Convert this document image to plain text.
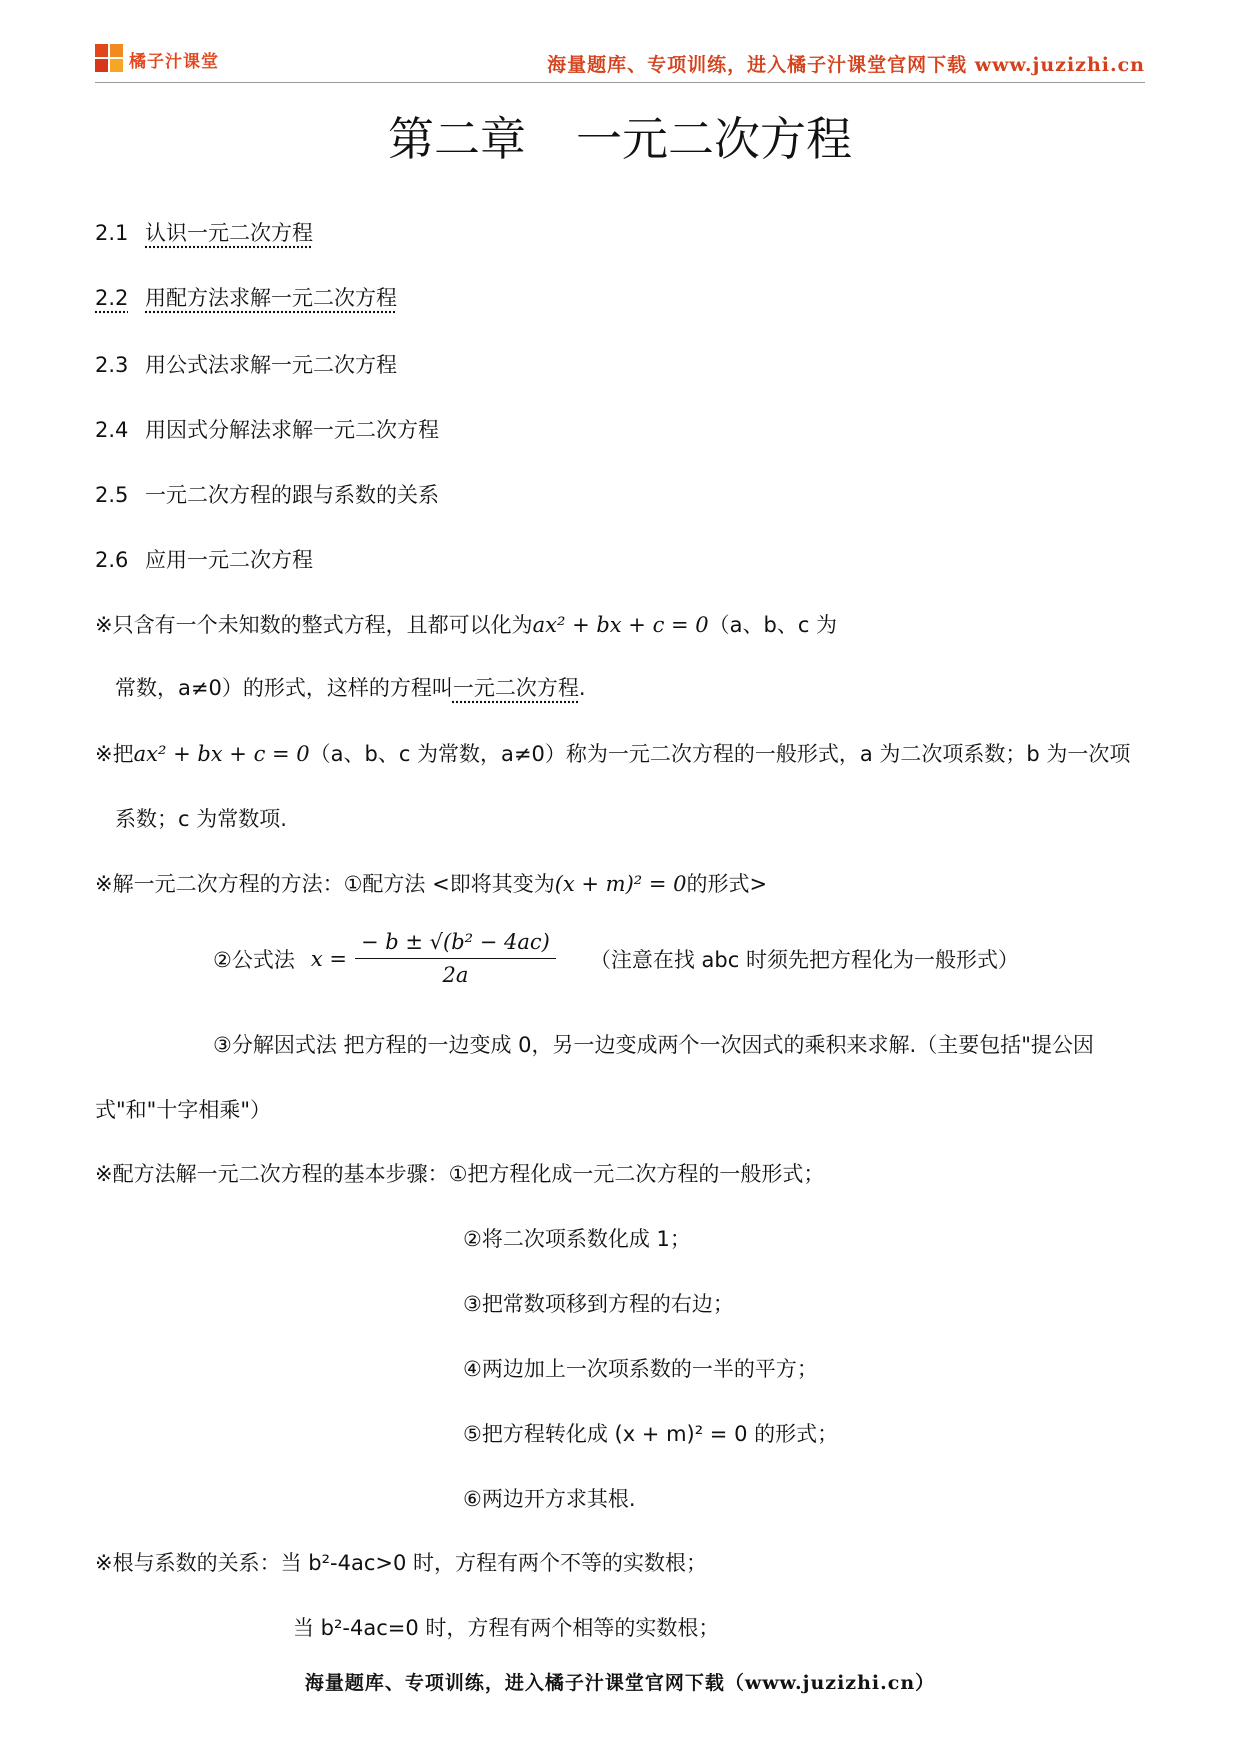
橘子汁课堂	海量题库、专项训练，进入橘子汁课堂官网下载 www.juzizhi.cn
第二章 一元二次方程
2.1 认识一元二次方程
2.2 用配方法求解一元二次方程
2.3 用公式法求解一元二次方程
2.4 用因式分解法求解一元二次方程
2.5 一元二次方程的跟与系数的关系
2.6 应用一元二次方程
※只含有一个未知数的整式方程，且都可以化为ax² + bx + c = 0（a、b、c 为
常数，a≠0）的形式，这样的方程叫一元二次方程.
※把ax² + bx + c = 0（a、b、c 为常数，a≠0）称为一元二次方程的一般形式，a 为二次项系数；b 为一次项
系数；c 为常数项.
※解一元二次方程的方法：①配方法 <即将其变为(x + m)² = 0的形式>
②公式法 $x = \frac{\text{− b ± √(b² − 4ac)}}{2a}$ （注意在找 abc 时须先把方程化为一般形式）
③分解因式法 把方程的一边变成 0，另一边变成两个一次因式的乘积来求解.（主要包括"提公因
式"和"十字相乘"）
※配方法解一元二次方程的基本步骤：①把方程化成一元二次方程的一般形式；
②将二次项系数化成 1；
③把常数项移到方程的右边；
④两边加上一次项系数的一半的平方；
⑤把方程转化成 (x + m)² = 0 的形式；
⑥两边开方求其根.
※根与系数的关系：当 b²-4ac>0 时，方程有两个不等的实数根；
当 b²-4ac=0 时，方程有两个相等的实数根；
海量题库、专项训练，进入橘子汁课堂官网下载（www.juzizhi.cn）
